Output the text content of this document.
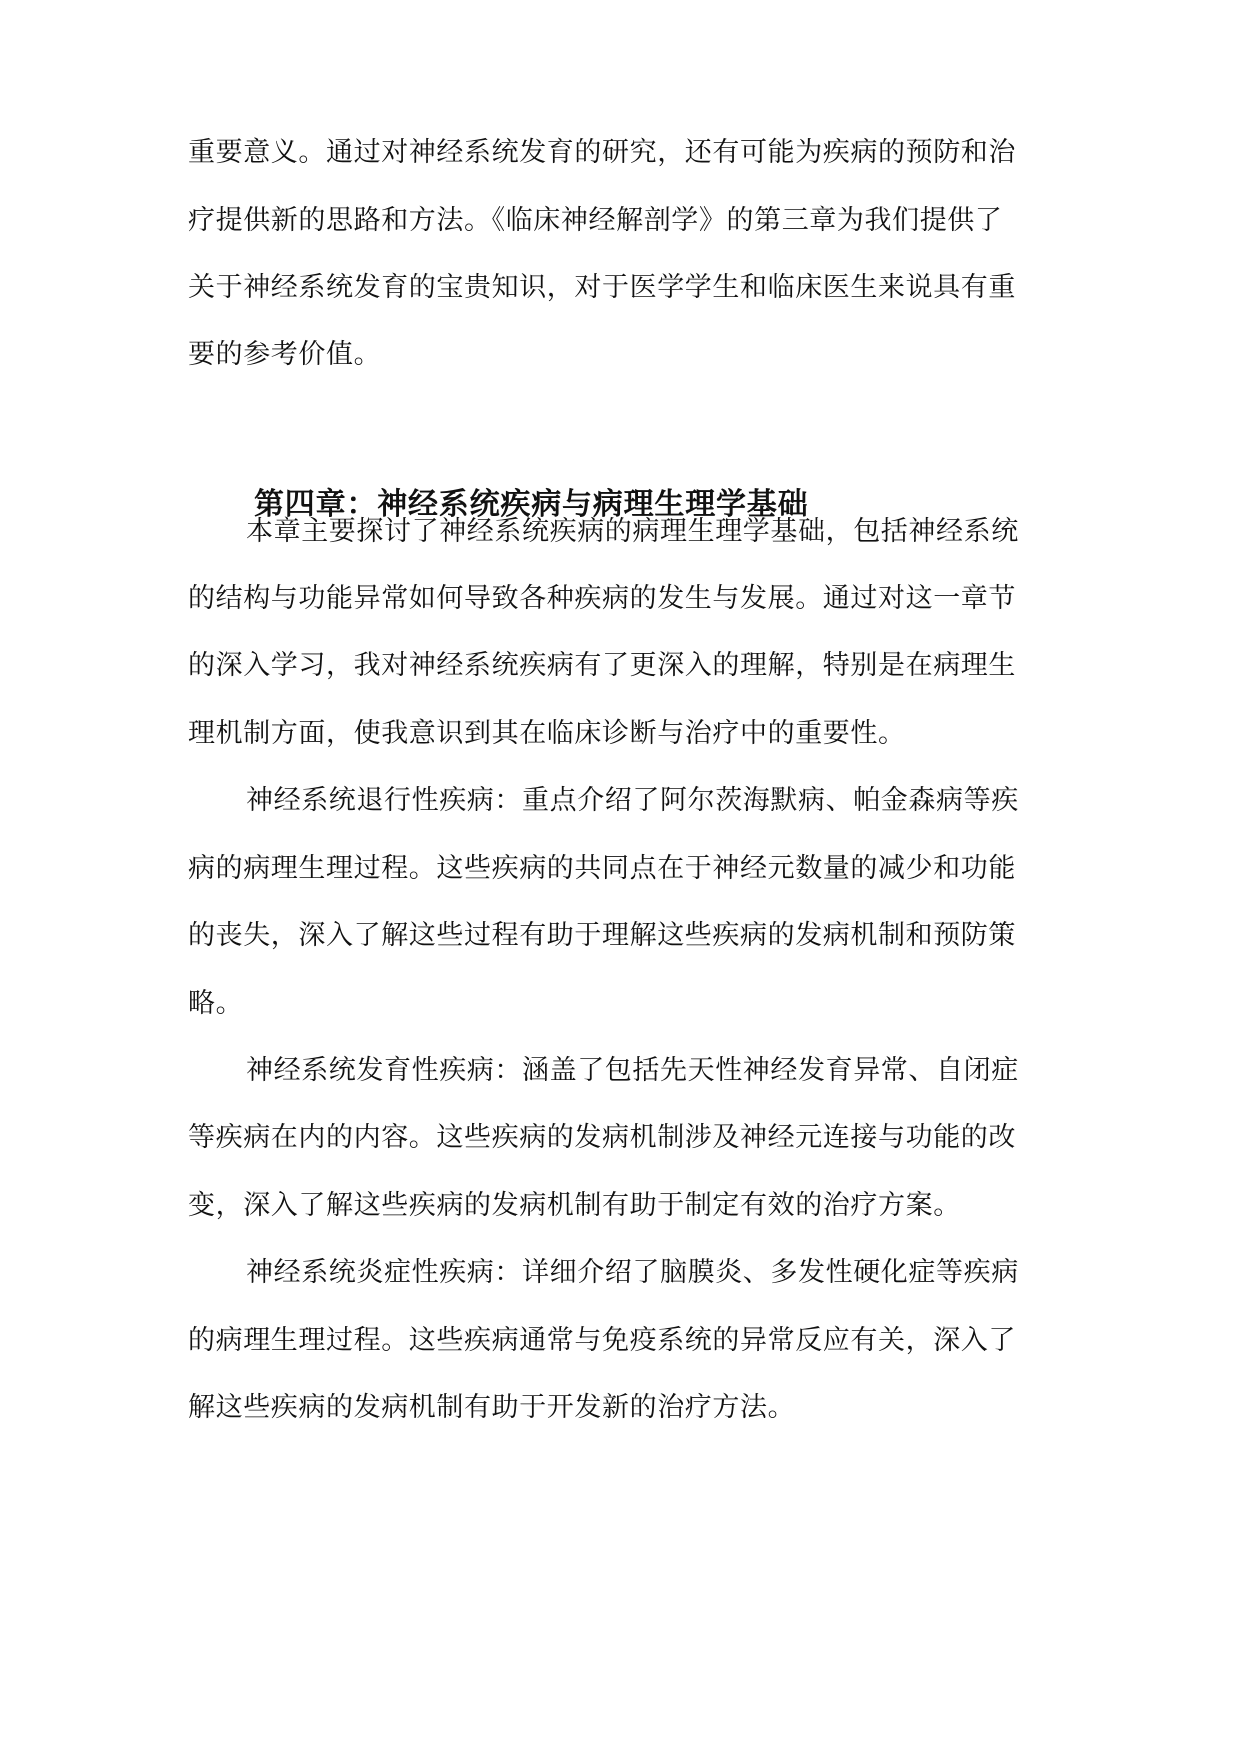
重要意义。通过对神经系统发育的研究，还有可能为疾病的预防和治
疗提供新的思路和方法。《临床神经解剖学》的第三章为我们提供了
关于神经系统发育的宝贵知识，对于医学学生和临床医生来说具有重
要的参考价值。
第四章：神经系统疾病与病理生理学基础
本章主要探讨了神经系统疾病的病理生理学基础，包括神经系统
的结构与功能异常如何导致各种疾病的发生与发展。通过对这一章节
的深入学习，我对神经系统疾病有了更深入的理解，特别是在病理生
理机制方面，使我意识到其在临床诊断与治疗中的重要性。
神经系统退行性疾病：重点介绍了阿尔茨海默病、帕金森病等疾
病的病理生理过程。这些疾病的共同点在于神经元数量的减少和功能
的丧失，深入了解这些过程有助于理解这些疾病的发病机制和预防策
略。
神经系统发育性疾病：涵盖了包括先天性神经发育异常、自闭症
等疾病在内的内容。这些疾病的发病机制涉及神经元连接与功能的改
变，深入了解这些疾病的发病机制有助于制定有效的治疗方案。
神经系统炎症性疾病：详细介绍了脑膜炎、多发性硬化症等疾病
的病理生理过程。这些疾病通常与免疫系统的异常反应有关，深入了
解这些疾病的发病机制有助于开发新的治疗方法。
